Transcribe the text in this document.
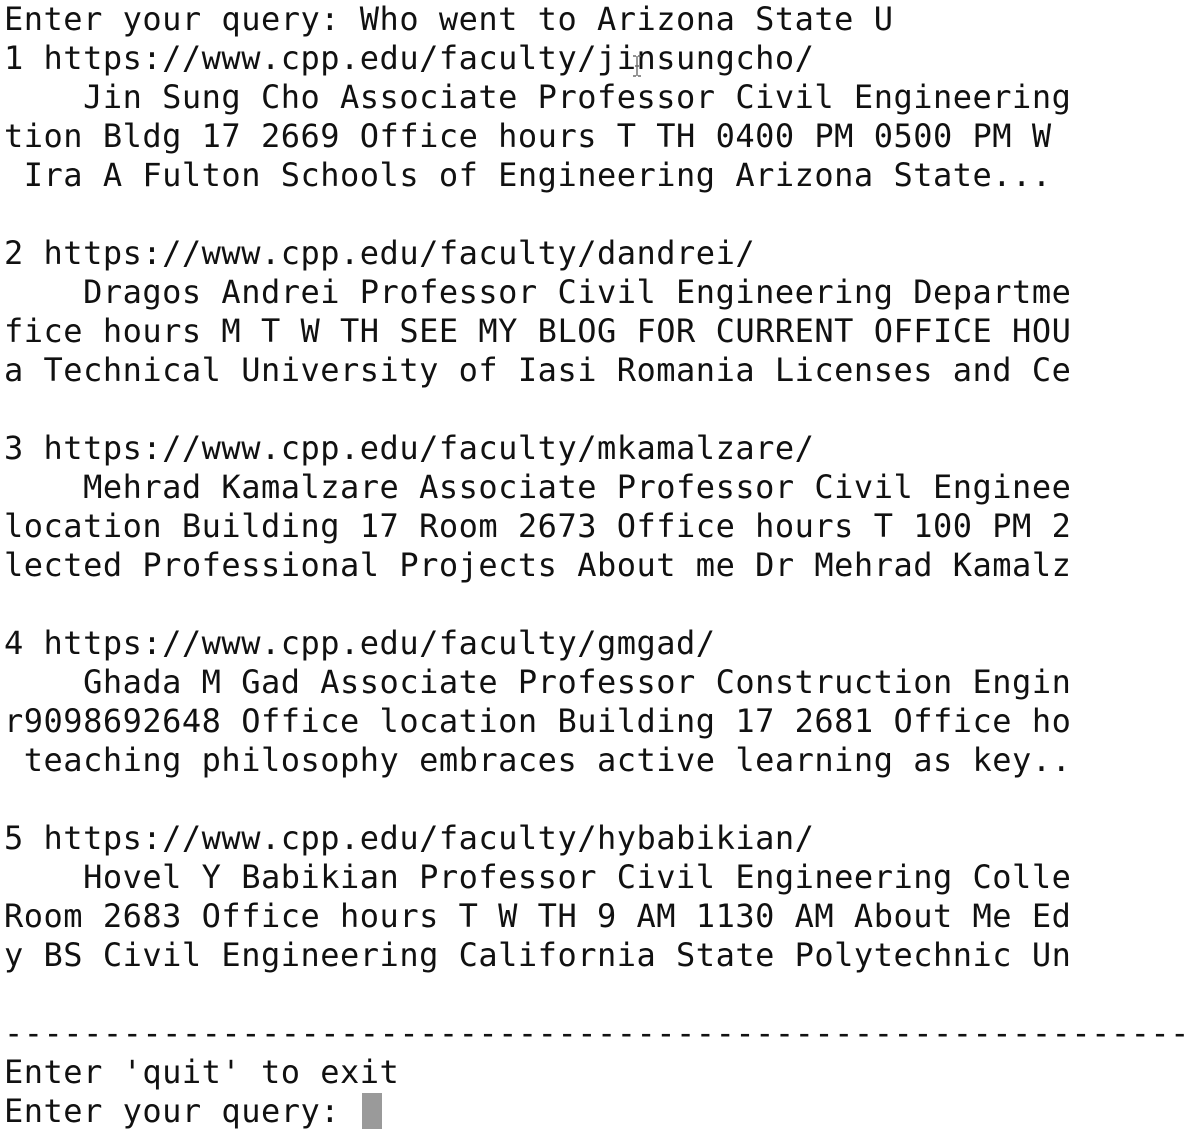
Enter your query: Who went to Arizona State U
1 https://www.cpp.edu/faculty/jinsungcho/
Jin Sung Cho Associate Professor Civil Engineering
tion Bldg 17 2669 Office hours T TH 0400 PM 0500 PM W
Ira A Fulton Schools of Engineering Arizona State...
2 https://www.cpp.edu/faculty/dandrei/
Dragos Andrei Professor Civil Engineering Departme
fice hours M T W TH SEE MY BLOG FOR CURRENT OFFICE HOU
a Technical University of Iasi Romania Licenses and Ce
3 https://www.cpp.edu/faculty/mkamalzare/
Mehrad Kamalzare Associate Professor Civil Enginee
location Building 17 Room 2673 Office hours T 100 PM 2
lected Professional Projects About me Dr Mehrad Kamalz
4 https://www.cpp.edu/faculty/gmgad/
Ghada M Gad Associate Professor Construction Engin
r9098692648 Office location Building 17 2681 Office ho
teaching philosophy embraces active learning as key..
5 https://www.cpp.edu/faculty/hybabikian/
Hovel Y Babikian Professor Civil Engineering Colle
Room 2683 Office hours T W TH 9 AM 1130 AM About Me Ed
y BS Civil Engineering California State Polytechnic Un
------------------------------------------------------------
Enter 'quit' to exit
Enter your query:
